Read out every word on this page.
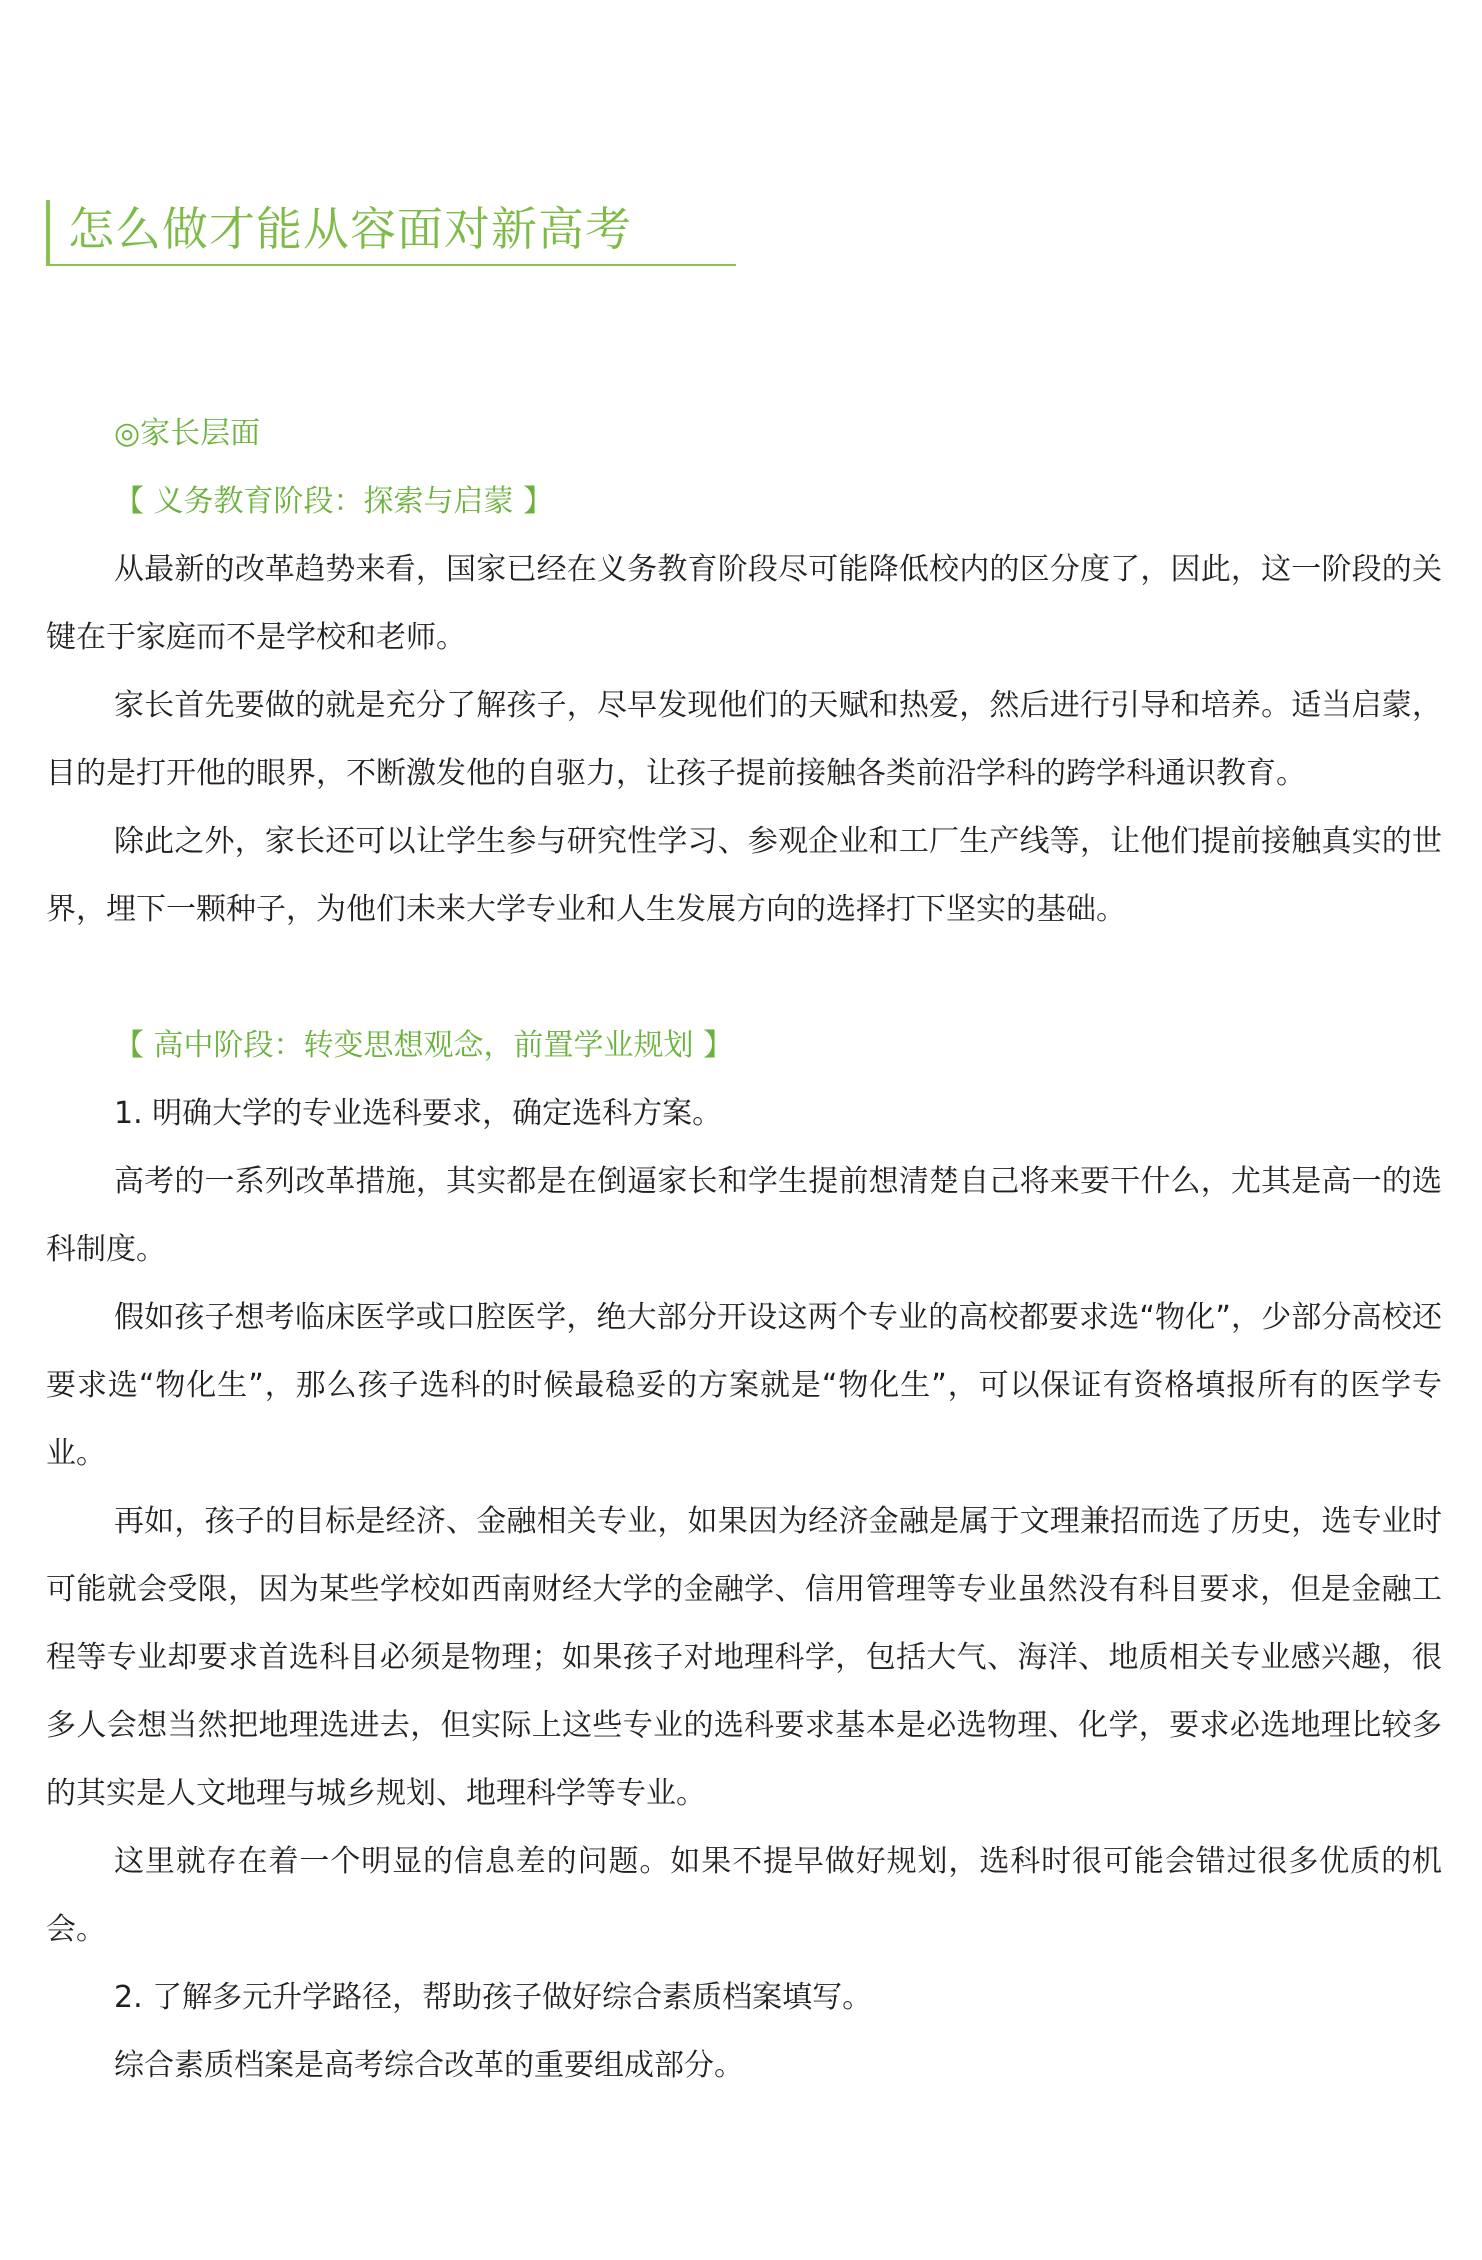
怎么做才能从容面对新高考

◎家长层面

【 义务教育阶段：探索与启蒙 】

从最新的改革趋势来看，国家已经在义务教育阶段尽可能降低校内的区分度了，因此，这一阶段的关键在于家庭而不是学校和老师。

家长首先要做的就是充分了解孩子，尽早发现他们的天赋和热爱，然后进行引导和培养。适当启蒙，目的是打开他的眼界，不断激发他的自驱力，让孩子提前接触各类前沿学科的跨学科通识教育。

除此之外，家长还可以让学生参与研究性学习、参观企业和工厂生产线等，让他们提前接触真实的世界，埋下一颗种子，为他们未来大学专业和人生发展方向的选择打下坚实的基础。

【 高中阶段：转变思想观念，前置学业规划 】

1. 明确大学的专业选科要求，确定选科方案。

高考的一系列改革措施，其实都是在倒逼家长和学生提前想清楚自己将来要干什么，尤其是高一的选科制度。

假如孩子想考临床医学或口腔医学，绝大部分开设这两个专业的高校都要求选“物化”，少部分高校还要求选“物化生”，那么孩子选科的时候最稳妥的方案就是“物化生”，可以保证有资格填报所有的医学专业。

再如，孩子的目标是经济、金融相关专业，如果因为经济金融是属于文理兼招而选了历史，选专业时可能就会受限，因为某些学校如西南财经大学的金融学、信用管理等专业虽然没有科目要求，但是金融工程等专业却要求首选科目必须是物理；如果孩子对地理科学，包括大气、海洋、地质相关专业感兴趣，很多人会想当然把地理选进去，但实际上这些专业的选科要求基本是必选物理、化学，要求必选地理比较多的其实是人文地理与城乡规划、地理科学等专业。

这里就存在着一个明显的信息差的问题。如果不提早做好规划，选科时很可能会错过很多优质的机会。

2. 了解多元升学路径，帮助孩子做好综合素质档案填写。

综合素质档案是高考综合改革的重要组成部分。
